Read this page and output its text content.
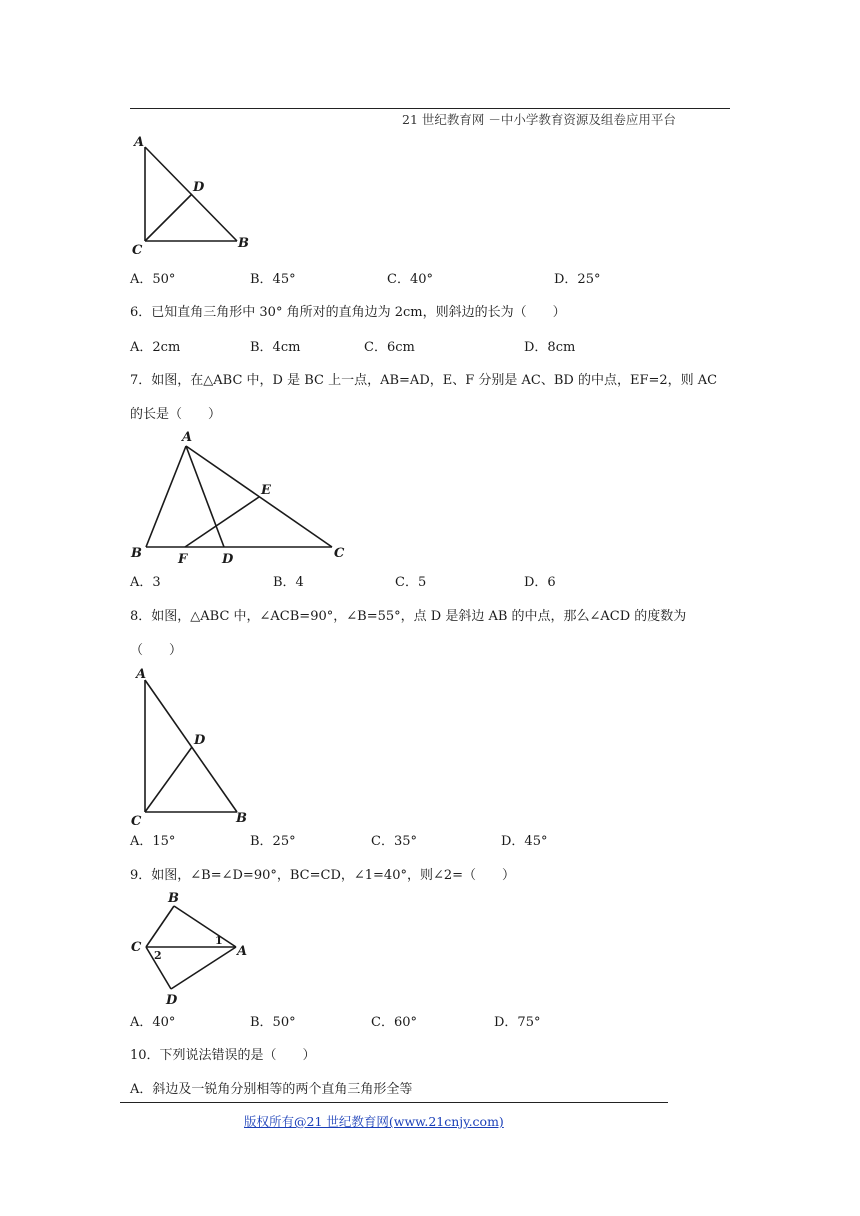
21 世纪教育网 －中小学教育资源及组卷应用平台
A
D
C	B
A．50°	B．45°	C．40°	D．25°
6．已知直角三角形中 30° 角所对的直角边为 2cm，则斜边的长为（　　）
A．2cm	B．4cm	C．6cm	D．8cm
7．如图，在△ABC 中，D 是 BC 上一点，AB=AD，E、F 分别是 AC、BD 的中点，EF=2，则 AC
的长是（　　）
A
E
B	F	D	C
A．3	B．4	C．5	D．6
8．如图，△ABC 中，∠ACB=90°，∠B=55°，点 D 是斜边 AB 的中点，那么∠ACD 的度数为
（　　）
A
D
C	B
A．15°	B．25°	C．35°	D．45°
9．如图，∠B=∠D=90°，BC=CD，∠1=40°，则∠2=（　　）
B
C	A
D
1
2
A．40°	B．50°	C．60°	D．75°
10．下列说法错误的是（　　）
A．斜边及一锐角分别相等的两个直角三角形全等
版权所有@21 世纪教育网(www.21cnjy.com)
